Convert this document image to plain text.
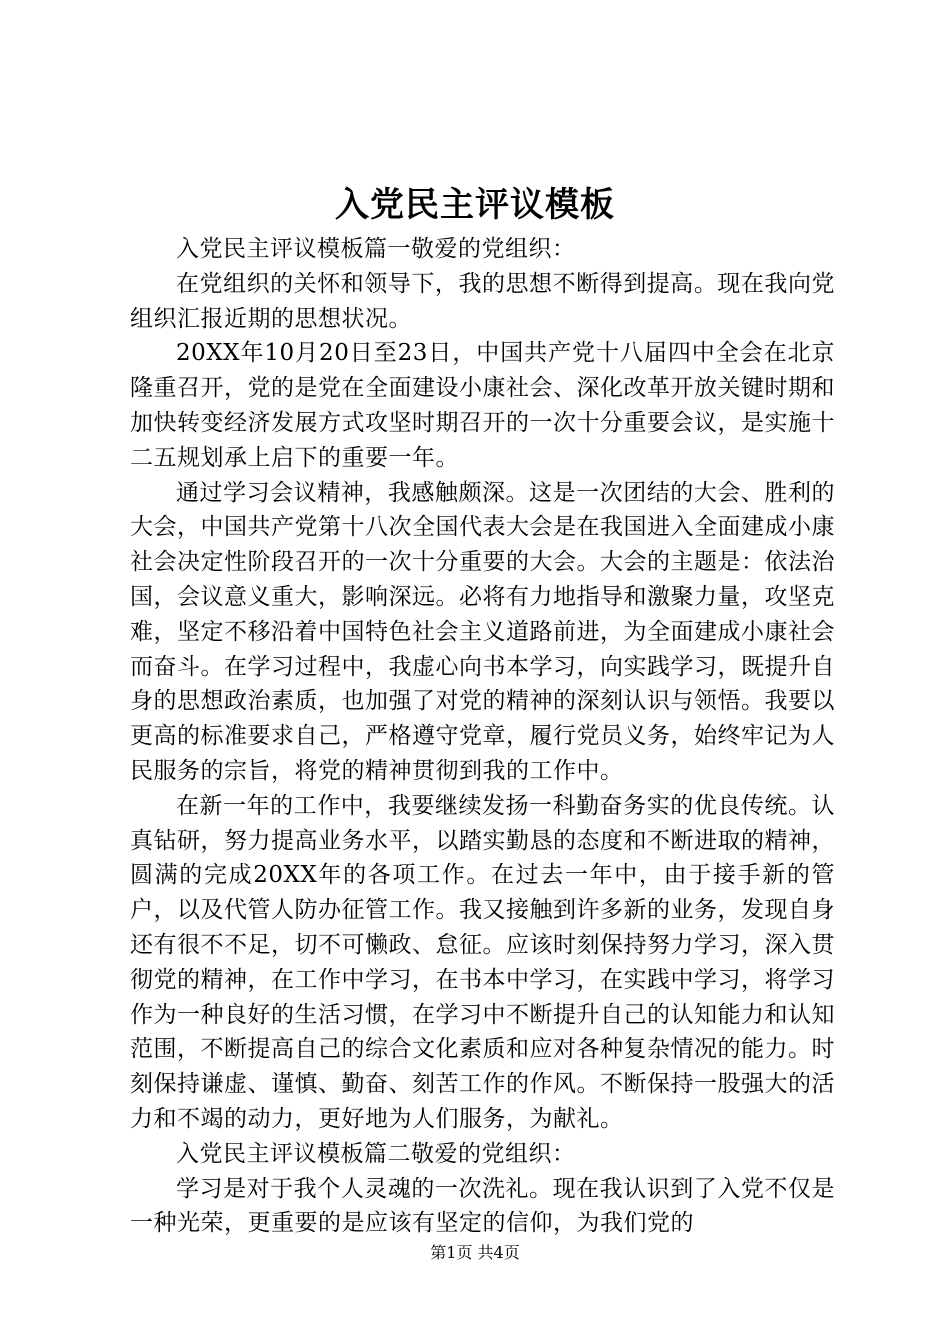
入党民主评议模板

入党民主评议模板篇一敬爱的党组织：

在党组织的关怀和领导下，我的思想不断得到提高。现在我向党组织汇报近期的思想状况。

20XX年10月20日至23日，中国共产党十八届四中全会在北京隆重召开，党的是党在全面建设小康社会、深化改革开放关键时期和加快转变经济发展方式攻坚时期召开的一次十分重要会议，是实施十二五规划承上启下的重要一年。

通过学习会议精神，我感触颇深。这是一次团结的大会、胜利的大会，中国共产党第十八次全国代表大会是在我国进入全面建成小康社会决定性阶段召开的一次十分重要的大会。大会的主题是：依法治国，会议意义重大，影响深远。必将有力地指导和激聚力量，攻坚克难，坚定不移沿着中国特色社会主义道路前进，为全面建成小康社会而奋斗。在学习过程中，我虚心向书本学习，向实践学习，既提升自身的思想政治素质，也加强了对党的精神的深刻认识与领悟。我要以更高的标准要求自己，严格遵守党章，履行党员义务，始终牢记为人民服务的宗旨，将党的精神贯彻到我的工作中。

在新一年的工作中，我要继续发扬一科勤奋务实的优良传统。认真钻研，努力提高业务水平，以踏实勤恳的态度和不断进取的精神，圆满的完成20XX年的各项工作。在过去一年中，由于接手新的管户，以及代管人防办征管工作。我又接触到许多新的业务，发现自身还有很不不足，切不可懒政、怠征。应该时刻保持努力学习，深入贯彻党的精神，在工作中学习，在书本中学习，在实践中学习，将学习作为一种良好的生活习惯，在学习中不断提升自己的认知能力和认知范围，不断提高自己的综合文化素质和应对各种复杂情况的能力。时刻保持谦虚、谨慎、勤奋、刻苦工作的作风。不断保持一股强大的活力和不竭的动力，更好地为人们服务，为献礼。

入党民主评议模板篇二敬爱的党组织：

学习是对于我个人灵魂的一次洗礼。现在我认识到了入党不仅是一种光荣，更重要的是应该有坚定的信仰，为我们党的

第1页 共4页
